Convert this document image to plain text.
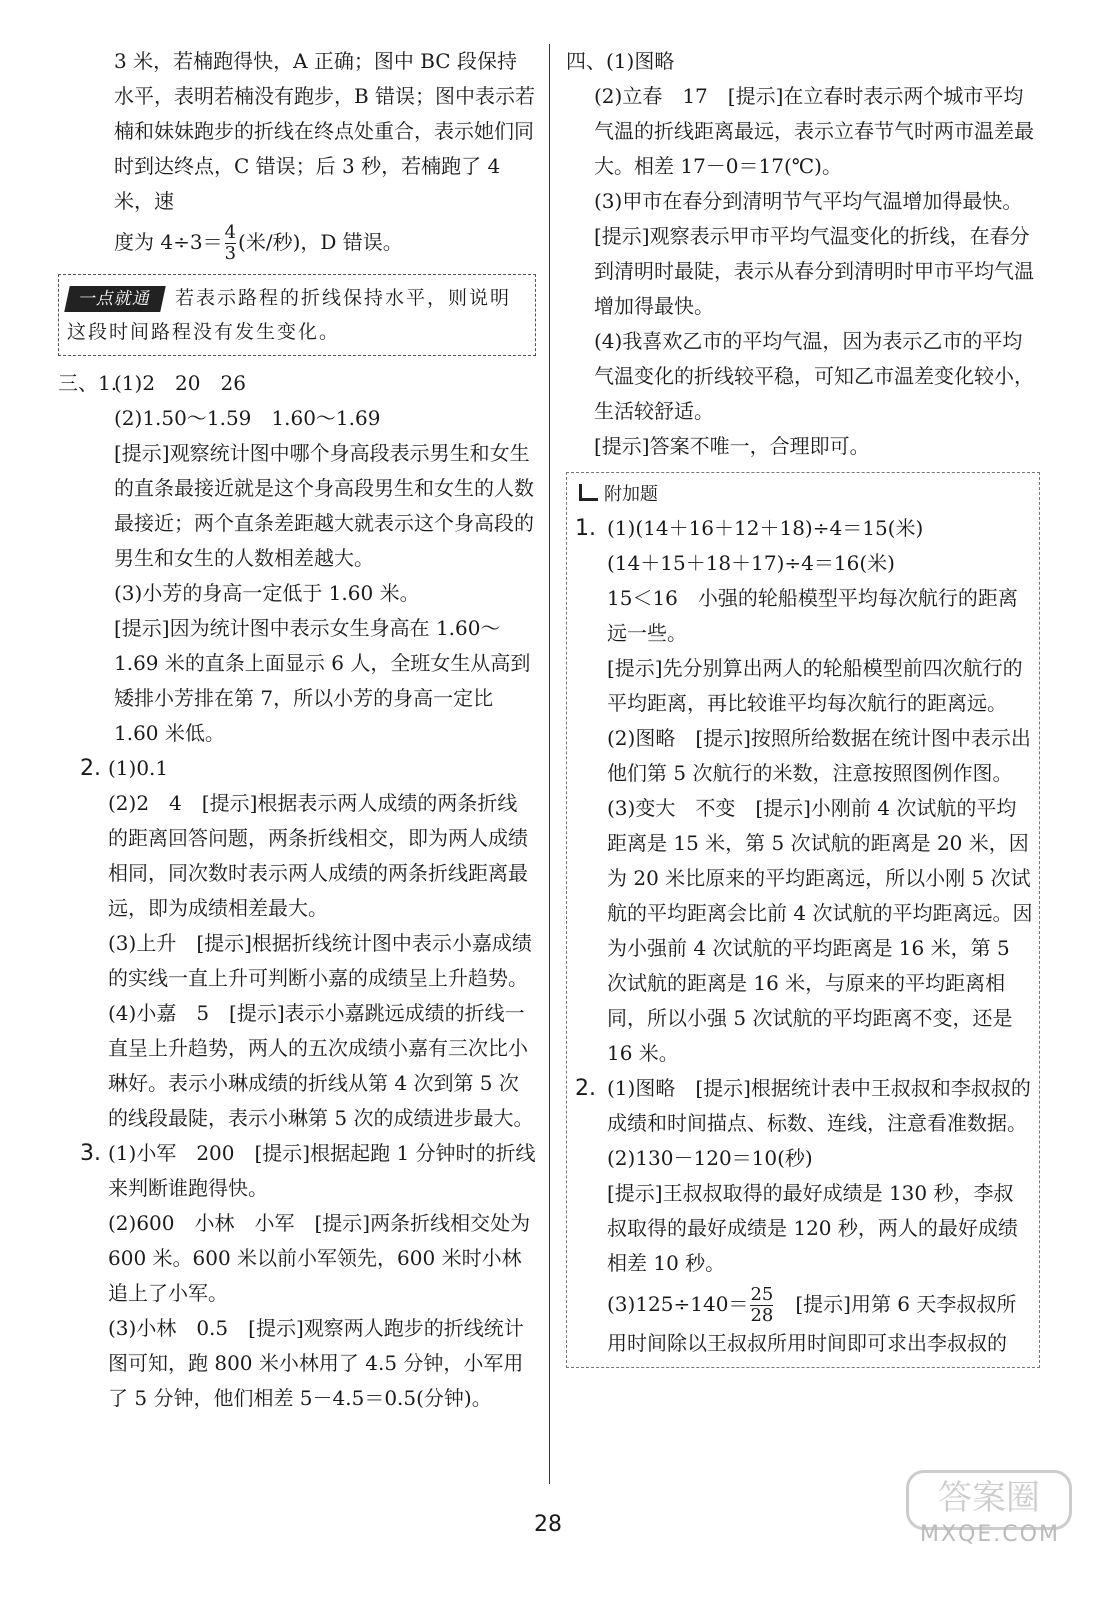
3 米，若楠跑得快，A 正确；图中 BC 段保持水平，表明若楠没有跑步，B 错误；图中表示若楠和妹妹跑步的折线在终点处重合，表示她们同时到达终点，C 错误；后 3 秒，若楠跑了 4 米，速

度为 $4\div 3= \frac{4}{3}$ (米/秒)，D 错误。

一点就通 若表示路程的折线保持水平，则说明这段时间路程没有发生变化。
三、1.

(1)2　20　26

(2)1.50～1.59　1.60～1.69

[提示]观察统计图中哪个身高段表示男生和女生的直条最接近就是这个身高段男生和女生的人数最接近；两个直条差距越大就表示这个身高段的男生和女生的人数相差越大。

(3)小芳的身高一定低于 1.60 米。

[提示]因为统计图中表示女生身高在 1.60～1.69 米的直条上面显示 6 人，全班女生从高到矮排小芳排在第 7，所以小芳的身高一定比 1.60 米低。

2. (1)0.1

(2)2　4　[提示]根据表示两人成绩的两条折线的距离回答问题，两条折线相交，即为两人成绩相同，同次数时表示两人成绩的两条折线距离最远，即为成绩相差最大。

(3)上升　[提示]根据折线统计图中表示小嘉成绩的实线一直上升可判断小嘉的成绩呈上升趋势。

(4)小嘉　5　[提示]表示小嘉跳远成绩的折线一直呈上升趋势，两人的五次成绩小嘉有三次比小琳好。表示小琳成绩的折线从第 4 次到第 5 次的线段最陡，表示小琳第 5 次的成绩进步最大。

3. (1)小军　200　[提示]根据起跑 1 分钟时的折线来判断谁跑得快。

(2)600　小林　小军　[提示]两条折线相交处为 600 米。600 米以前小军领先，600 米时小林追上了小军。

(3)小林　0.5　[提示]观察两人跑步的折线统计图可知，跑 800 米小林用了 4.5 分钟，小军用了 5 分钟，他们相差 5－4.5＝0.5(分钟)。

四、(1)图略

(2)立春　17　[提示]在立春时表示两个城市平均气温的折线距离最远，表示立春节气时两市温差最大。相差 17－0＝17(℃)。

(3)甲市在春分到清明节气平均气温增加得最快。

[提示]观察表示甲市平均气温变化的折线，在春分到清明时最陡，表示从春分到清明时甲市平均气温增加得最快。

(4)我喜欢乙市的平均气温，因为表示乙市的平均气温变化的折线较平稳，可知乙市温差变化较小，生活较舒适。

[提示]答案不唯一，合理即可。

附加题
1. (1)(14＋16＋12＋18)÷4＝15(米)

(14＋15＋18＋17)÷4＝16(米)

15＜16　小强的轮船模型平均每次航行的距离远一些。

[提示]先分别算出两人的轮船模型前四次航行的平均距离，再比较谁平均每次航行的距离远。

(2)图略　[提示]按照所给数据在统计图中表示出他们第 5 次航行的米数，注意按照图例作图。

(3)变大　不变　[提示]小刚前 4 次试航的平均距离是 15 米，第 5 次试航的距离是 20 米，因为 20 米比原来的平均距离远，所以小刚 5 次试航的平均距离会比前 4 次试航的平均距离远。因为小强前 4 次试航的平均距离是 16 米，第 5 次试航的距离是 16 米，与原来的平均距离相同，所以小强 5 次试航的平均距离不变，还是 16 米。

2. (1)图略　[提示]根据统计表中王叔叔和李叔叔的成绩和时间描点、标数、连线，注意看准数据。

(2)130－120＝10(秒)

[提示]王叔叔取得的最好成绩是 130 秒，李叔叔取得的最好成绩是 120 秒，两人的最好成绩相差 10 秒。

$(3)125\div 140= \frac{25}{28}$ 　[提示]用第 6 天李叔叔所

用时间除以王叔叔所用时间即可求出李叔叔的

28
答案圈
MXQE.COM
